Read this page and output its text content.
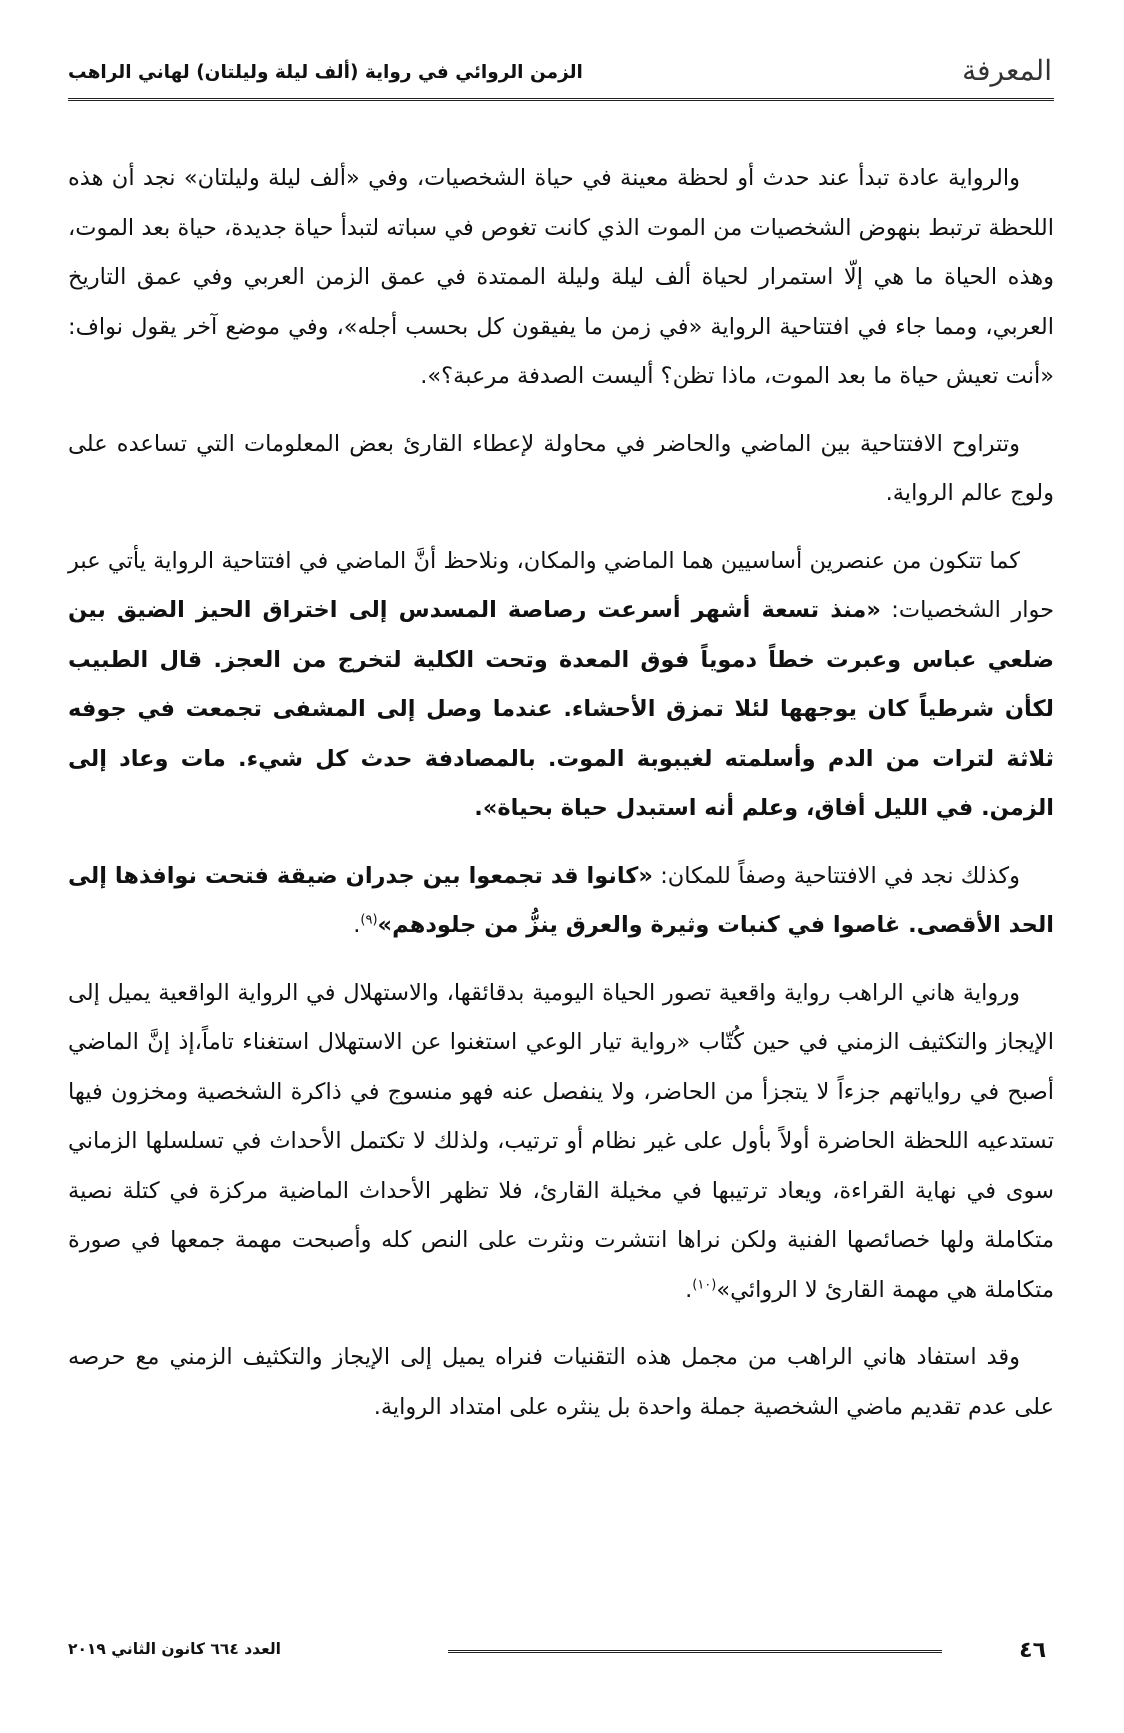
المعرفة
الزمن الروائي في رواية (ألف ليلة وليلتان) لهاني الراهب

والرواية عادة تبدأ عند حدث أو لحظة معينة في حياة الشخصيات، وفي «ألف ليلة وليلتان» نجد أن هذه اللحظة ترتبط بنهوض الشخصيات من الموت الذي كانت تغوص في سباته لتبدأ حياة جديدة، حياة بعد الموت، وهذه الحياة ما هي إلّا استمرار لحياة ألف ليلة وليلة الممتدة في عمق الزمن العربي وفي عمق التاريخ العربي، ومما جاء في افتتاحية الرواية «في زمن ما يفيقون كل بحسب أجله»، وفي موضع آخر يقول نواف: «أنت تعيش حياة ما بعد الموت، ماذا تظن؟ أليست الصدفة مرعبة؟».

وتتراوح الافتتاحية بين الماضي والحاضر في محاولة لإعطاء القارئ بعض المعلومات التي تساعده على ولوج عالم الرواية.

كما تتكون من عنصرين أساسيين هما الماضي والمكان، ونلاحظ أنَّ الماضي في افتتاحية الرواية يأتي عبر حوار الشخصيات: «منذ تسعة أشهر أسرعت رصاصة المسدس إلى اختراق الحيز الضيق بين ضلعي عباس وعبرت خطاً دموياً فوق المعدة وتحت الكلية لتخرج من العجز. قال الطبيب لكأن شرطياً كان يوجهها لئلا تمزق الأحشاء. عندما وصل إلى المشفى تجمعت في جوفه ثلاثة لترات من الدم وأسلمته لغيبوبة الموت. بالمصادفة حدث كل شيء. مات وعاد إلى الزمن. في الليل أفاق، وعلم أنه استبدل حياة بحياة».

وكذلك نجد في الافتتاحية وصفاً للمكان: «كانوا قد تجمعوا بين جدران ضيقة فتحت نوافذها إلى الحد الأقصى. غاصوا في كنبات وثيرة والعرق ينزُّ من جلودهم»$^{(٩)}$.

ورواية هاني الراهب رواية واقعية تصور الحياة اليومية بدقائقها، والاستهلال في الرواية الواقعية يميل إلى الإيجاز والتكثيف الزمني في حين كُتّاب «رواية تيار الوعي استغنوا عن الاستهلال استغناء تاماً،إذ إنَّ الماضي أصبح في رواياتهم جزءاً لا يتجزأ من الحاضر، ولا ينفصل عنه فهو منسوج في ذاكرة الشخصية ومخزون فيها تستدعيه اللحظة الحاضرة أولاً بأول على غير نظام أو ترتيب، ولذلك لا تكتمل الأحداث في تسلسلها الزماني سوى في نهاية القراءة، ويعاد ترتيبها في مخيلة القارئ، فلا تظهر الأحداث الماضية مركزة في كتلة نصية متكاملة ولها خصائصها الفنية ولكن نراها انتشرت ونثرت على النص كله وأصبحت مهمة جمعها في صورة متكاملة هي مهمة القارئ لا الروائي»$^{(١٠)}$.

وقد استفاد هاني الراهب من مجمل هذه التقنيات فنراه يميل إلى الإيجاز والتكثيف الزمني مع حرصه على عدم تقديم ماضي الشخصية جملة واحدة بل ينثره على امتداد الرواية.

٤٦
العدد ٦٦٤ كانون الثاني ٢٠١٩
